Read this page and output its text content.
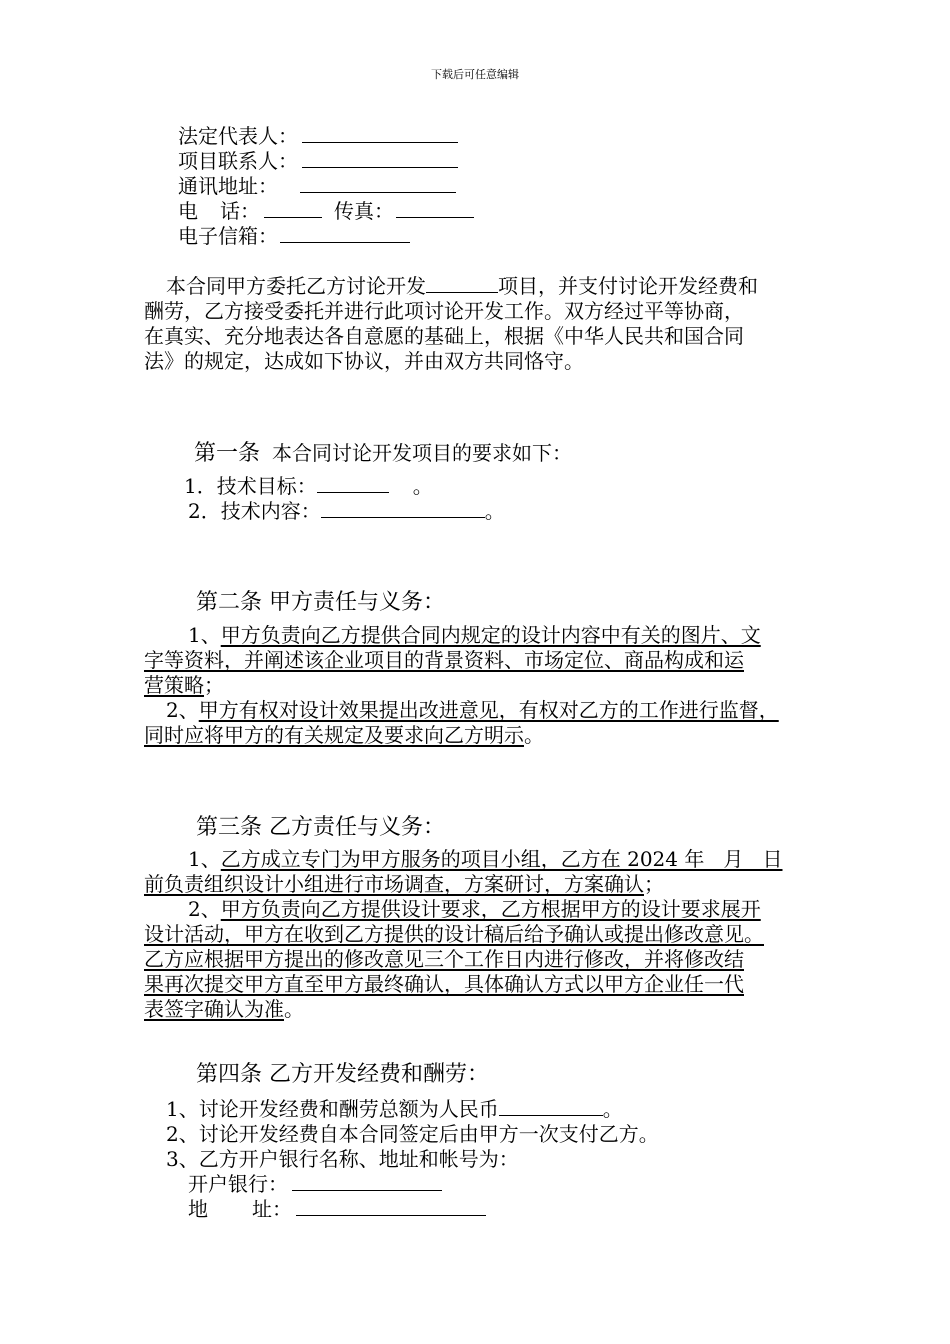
下载后可任意编辑
法定代表人：
项目联系人：
通讯地址：
电 话：	传真：
电子信箱：
本合同甲方委托乙方讨论开发	项目，并支付讨论开发经费和
酬劳，乙方接受委托并进行此项讨论开发工作。双方经过平等协商，
在真实、充分地表达各自意愿的基础上，根据《中华人民共和国合同
法》的规定，达成如下协议，并由双方共同恪守。
第一条 本合同讨论开发项目的要求如下：
1．技术目标：	。
2．技术内容：	。
第二条 甲方责任与义务：
1、甲方负责向乙方提供合同内规定的设计内容中有关的图片、文
字等资料，并阐述该企业项目的背景资料、市场定位、商品构成和运
营策略；
2、甲方有权对设计效果提出改进意见，有权对乙方的工作进行监督，
同时应将甲方的有关规定及要求向乙方明示。
第三条 乙方责任与义务：
1、乙方成立专门为甲方服务的项目小组，乙方在 2024 年   月   日
前负责组织设计小组进行市场调查，方案研讨，方案确认；
2、甲方负责向乙方提供设计要求，乙方根据甲方的设计要求展开
设计活动，甲方在收到乙方提供的设计稿后给予确认或提出修改意见。
乙方应根据甲方提出的修改意见三个工作日内进行修改，并将修改结
果再次提交甲方直至甲方最终确认，具体确认方式以甲方企业任一代
表签字确认为准。
第四条 乙方开发经费和酬劳：
1、讨论开发经费和酬劳总额为人民币	。
2、讨论开发经费自本合同签定后由甲方一次支付乙方。
3、乙方开户银行名称、地址和帐号为：
开户银行：
地 址：
